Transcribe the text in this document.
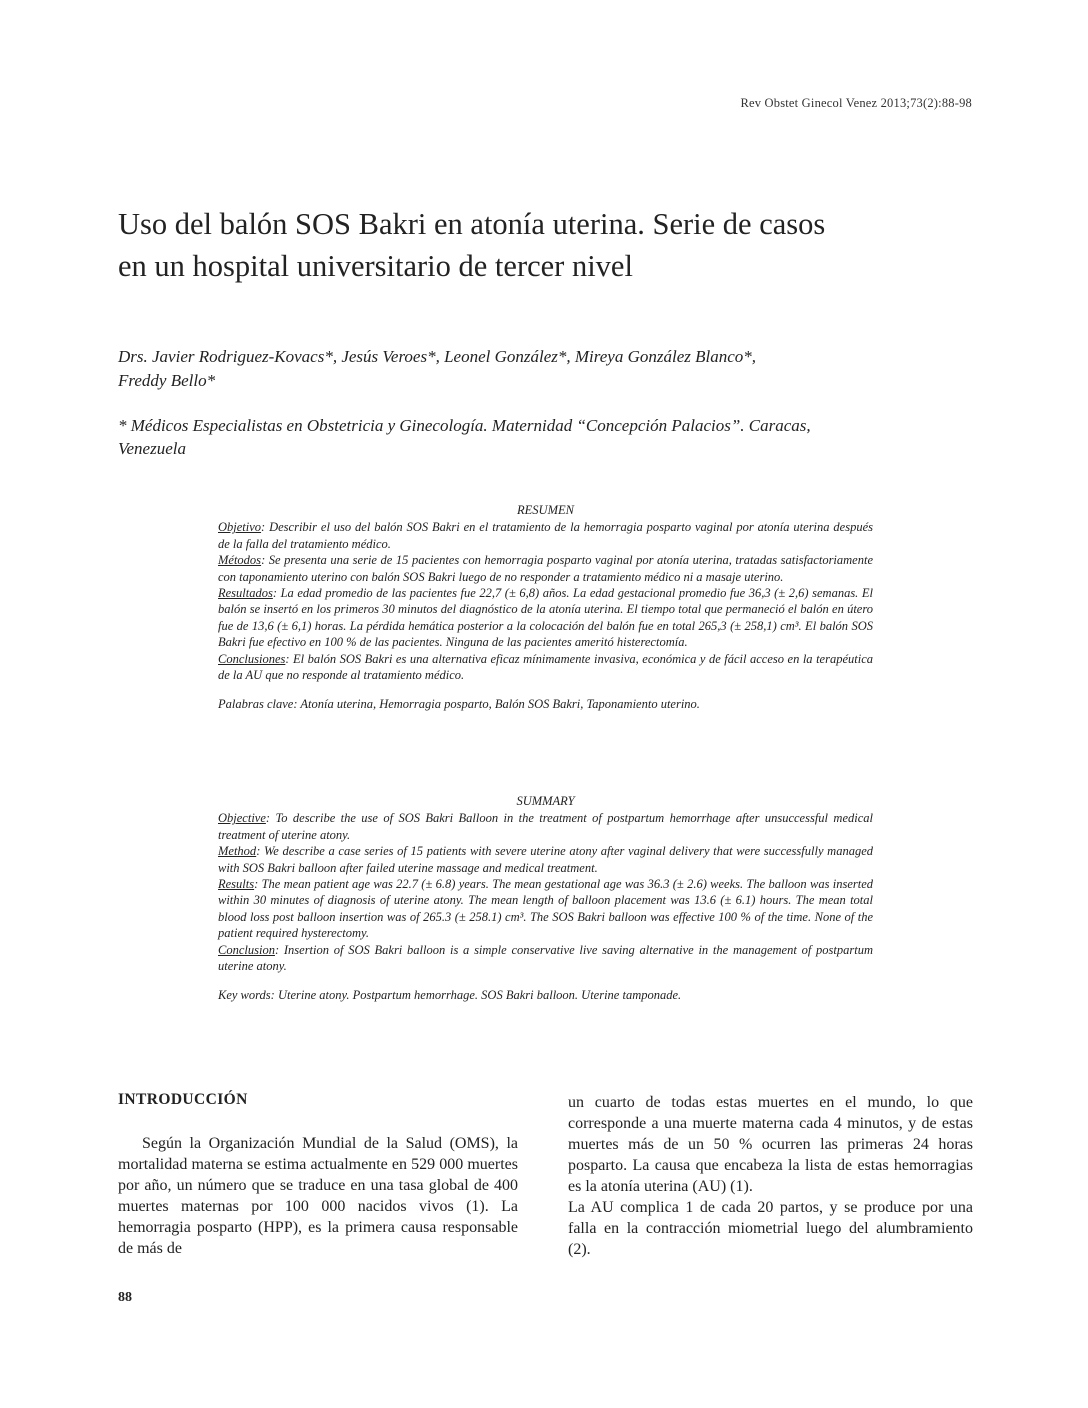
Rev Obstet Ginecol Venez 2013;73(2):88-98
Uso del balón SOS Bakri en atonía uterina. Serie de casos
en un hospital universitario de tercer nivel
Drs. Javier Rodriguez-Kovacs*, Jesús Veroes*, Leonel González*, Mireya González Blanco*,
Freddy Bello*
* Médicos Especialistas en Obstetricia y Ginecología. Maternidad “Concepción Palacios”. Caracas,
Venezuela
RESUMEN

Objetivo: Describir el uso del balón SOS Bakri en el tratamiento de la hemorragia posparto vaginal por atonía uterina después de la falla del tratamiento médico.

Métodos: Se presenta una serie de 15 pacientes con hemorragia posparto vaginal por atonía uterina, tratadas satisfactoriamente con taponamiento uterino con balón SOS Bakri luego de no responder a tratamiento médico ni a masaje uterino.

Resultados: La edad promedio de las pacientes fue 22,7 (± 6,8) años. La edad gestacional promedio fue 36,3 (± 2,6) semanas. El balón se insertó en los primeros 30 minutos del diagnóstico de la atonía uterina. El tiempo total que permaneció el balón en útero fue de 13,6 (± 6,1) horas. La pérdida hemática posterior a la colocación del balón fue en total 265,3 (± 258,1) cm³. El balón SOS Bakri fue efectivo en 100 % de las pacientes. Ninguna de las pacientes ameritó histerectomía.

Conclusiones: El balón SOS Bakri es una alternativa eficaz mínimamente invasiva, económica y de fácil acceso en la terapéutica de la AU que no responde al tratamiento médico.

Palabras clave: Atonía uterina, Hemorragia posparto, Balón SOS Bakri, Taponamiento uterino.

SUMMARY

Objective: To describe the use of SOS Bakri Balloon in the treatment of postpartum hemorrhage after unsuccessful medical treatment of uterine atony.

Method: We describe a case series of 15 patients with severe uterine atony after vaginal delivery that were successfully managed with SOS Bakri balloon after failed uterine massage and medical treatment.

Results: The mean patient age was 22.7 (± 6.8) years. The mean gestational age was 36.3 (± 2.6) weeks. The balloon was inserted within 30 minutes of diagnosis of uterine atony. The mean length of balloon placement was 13.6 (± 6.1) hours. The mean total blood loss post balloon insertion was of 265.3 (± 258.1) cm³. The SOS Bakri balloon was effective 100 % of the time. None of the patient required hysterectomy.

Conclusion: Insertion of SOS Bakri balloon is a simple conservative live saving alternative in the management of postpartum uterine atony.

Key words: Uterine atony. Postpartum hemorrhage. SOS Bakri balloon. Uterine tamponade.

INTRODUCCIÓN

Según la Organización Mundial de la Salud (OMS), la mortalidad materna se estima actualmente en 529 000 muertes por año, un número que se traduce en una tasa global de 400 muertes maternas por 100 000 nacidos vivos (1). La hemorragia posparto (HPP), es la primera causa responsable de más de

un cuarto de todas estas muertes en el mundo, lo que corresponde a una muerte materna cada 4 minutos, y de estas muertes más de un 50 % ocurren las primeras 24 horas posparto. La causa que encabeza la lista de estas hemorragias es la atonía uterina (AU) (1).

La AU complica 1 de cada 20 partos, y se produce por una falla en la contracción miometrial luego del alumbramiento (2).

88
